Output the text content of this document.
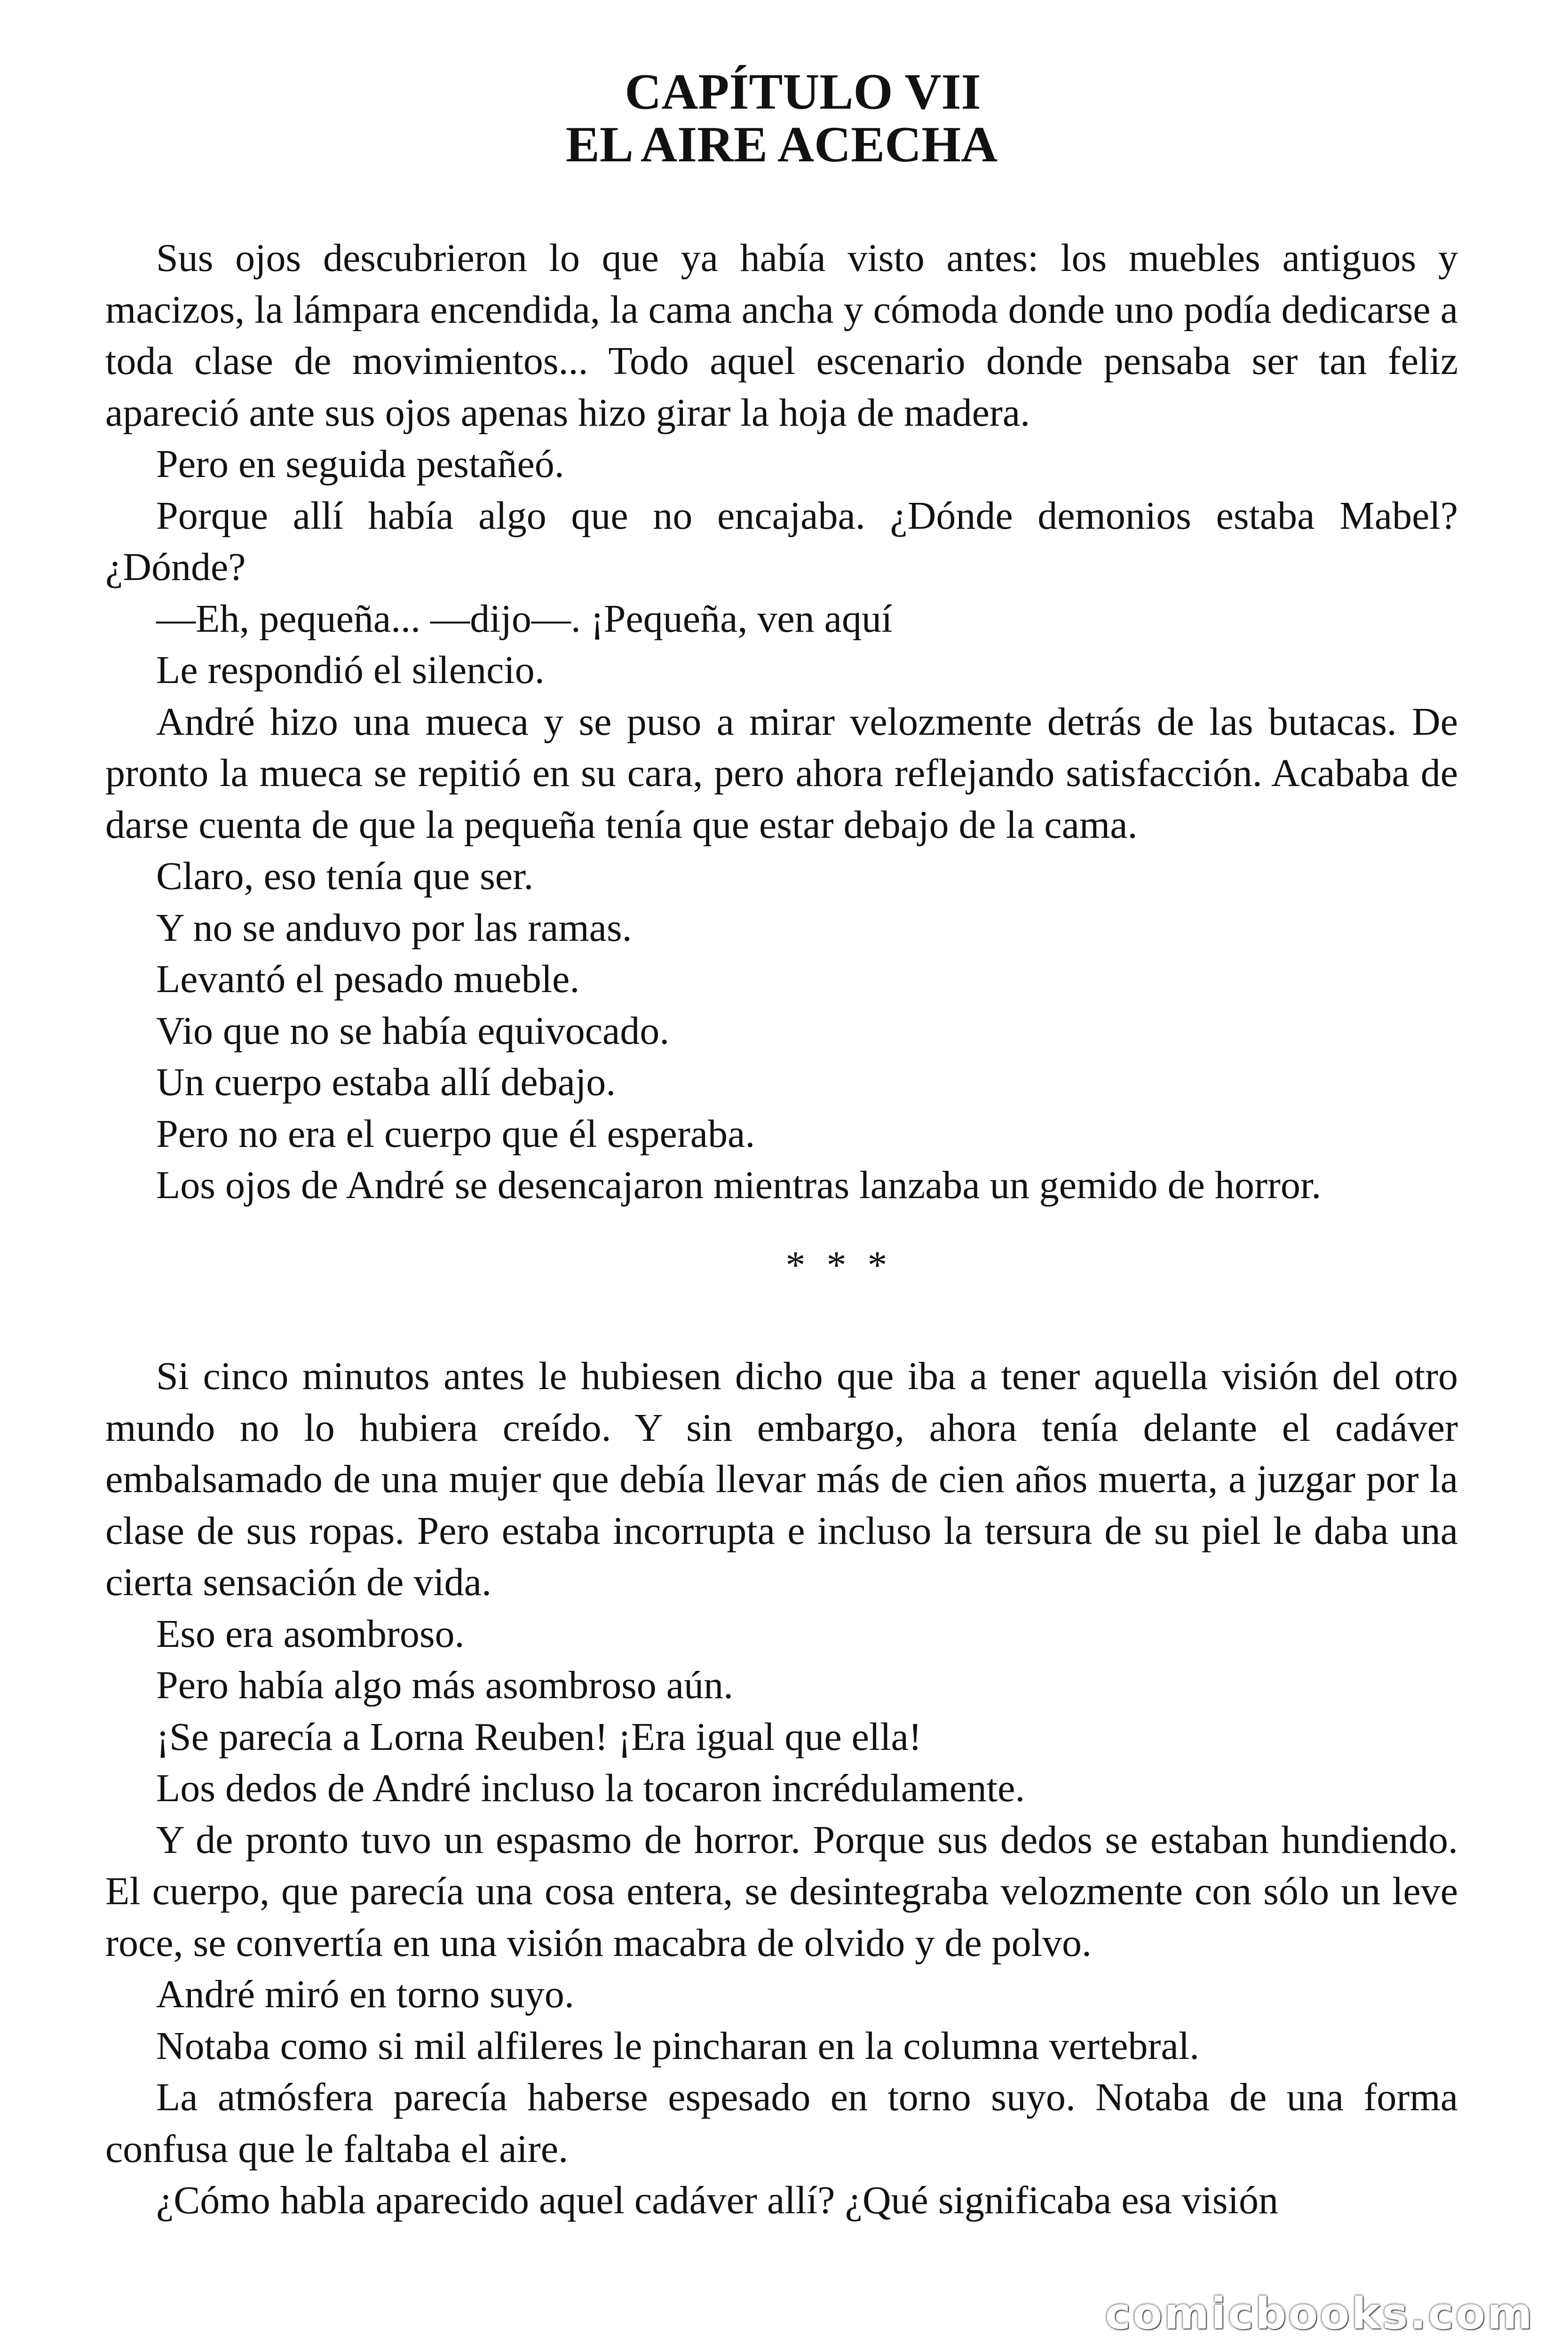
CAPÍTULO VII
EL AIRE ACECHA

Sus ojos descubrieron lo que ya había visto antes: los muebles antiguos y macizos, la lámpara encendida, la cama ancha y cómoda donde uno podía dedicarse a toda clase de movimientos... Todo aquel escenario donde pensaba ser tan feliz apareció ante sus ojos apenas hizo girar la hoja de madera.

Pero en seguida pestañeó.

Porque allí había algo que no encajaba. ¿Dónde demonios estaba Mabel? ¿Dónde?

—Eh, pequeña... —dijo—. ¡Pequeña, ven aquí

Le respondió el silencio.

André hizo una mueca y se puso a mirar velozmente detrás de las butacas. De pronto la mueca se repitió en su cara, pero ahora reflejando satisfacción. Acababa de darse cuenta de que la pequeña tenía que estar debajo de la cama.

Claro, eso tenía que ser.

Y no se anduvo por las ramas.

Levantó el pesado mueble.

Vio que no se había equivocado.

Un cuerpo estaba allí debajo.

Pero no era el cuerpo que él esperaba.

Los ojos de André se desencajaron mientras lanzaba un gemido de horror.

* * *

Si cinco minutos antes le hubiesen dicho que iba a tener aquella visión del otro mundo no lo hubiera creído. Y sin embargo, ahora tenía delante el cadáver embalsamado de una mujer que debía llevar más de cien años muerta, a juzgar por la clase de sus ropas. Pero estaba incorrupta e incluso la tersura de su piel le daba una cierta sensación de vida.

Eso era asombroso.

Pero había algo más asombroso aún.

¡Se parecía a Lorna Reuben! ¡Era igual que ella!

Los dedos de André incluso la tocaron incrédulamente.

Y de pronto tuvo un espasmo de horror. Porque sus dedos se estaban hundiendo. El cuerpo, que parecía una cosa entera, se desintegraba velozmente con sólo un leve roce, se convertía en una visión macabra de olvido y de polvo.

André miró en torno suyo.

Notaba como si mil alfileres le pincharan en la columna vertebral.

La atmósfera parecía haberse espesado en torno suyo. Notaba de una forma confusa que le faltaba el aire.

¿Cómo habla aparecido aquel cadáver allí? ¿Qué significaba esa visión

comicbooks.com
